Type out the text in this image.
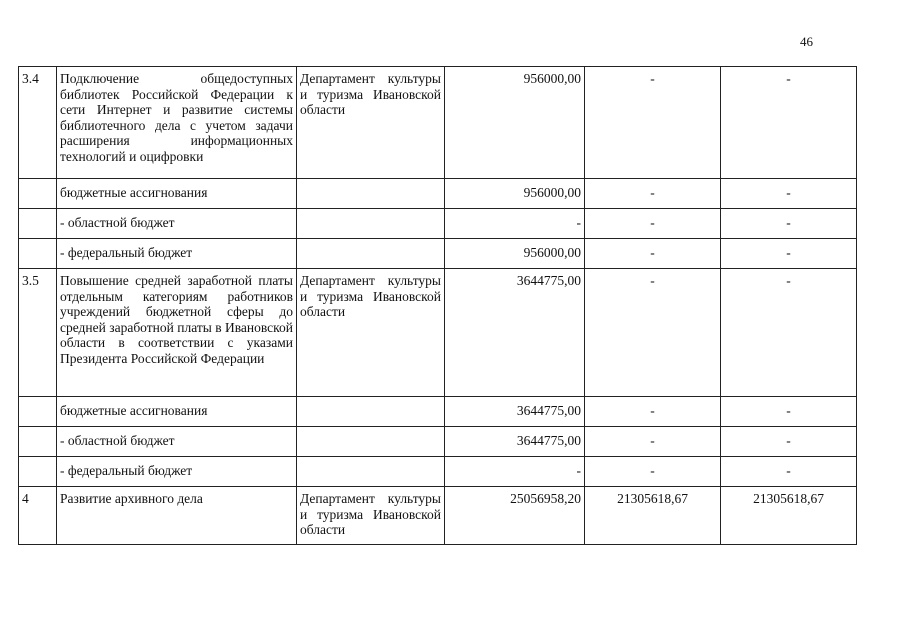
46
3.4	Подключение общедоступных библиотек Российской Федерации к сети Интернет и развитие системы библиотечного дела с учетом задачи расширения информационных технологий и оцифровки	Департамент культуры и туризма Ивановской области	956000,00	-	-
	бюджетные ассигнования		956000,00	-	-
	- областной бюджет		-	-	-
	- федеральный бюджет		956000,00	-	-
3.5	Повышение средней заработной платы отдельным категориям работников учреждений бюджетной сферы до средней заработной платы в Ивановской области в соответствии с указами Президента Российской Федерации	Департамент культуры и туризма Ивановской области	3644775,00	-	-
	бюджетные ассигнования		3644775,00	-	-
	- областной бюджет		3644775,00	-	-
	- федеральный бюджет		-	-	-
4	Развитие архивного дела	Департамент культуры и туризма Ивановской области	25056958,20	21305618,67	21305618,67
